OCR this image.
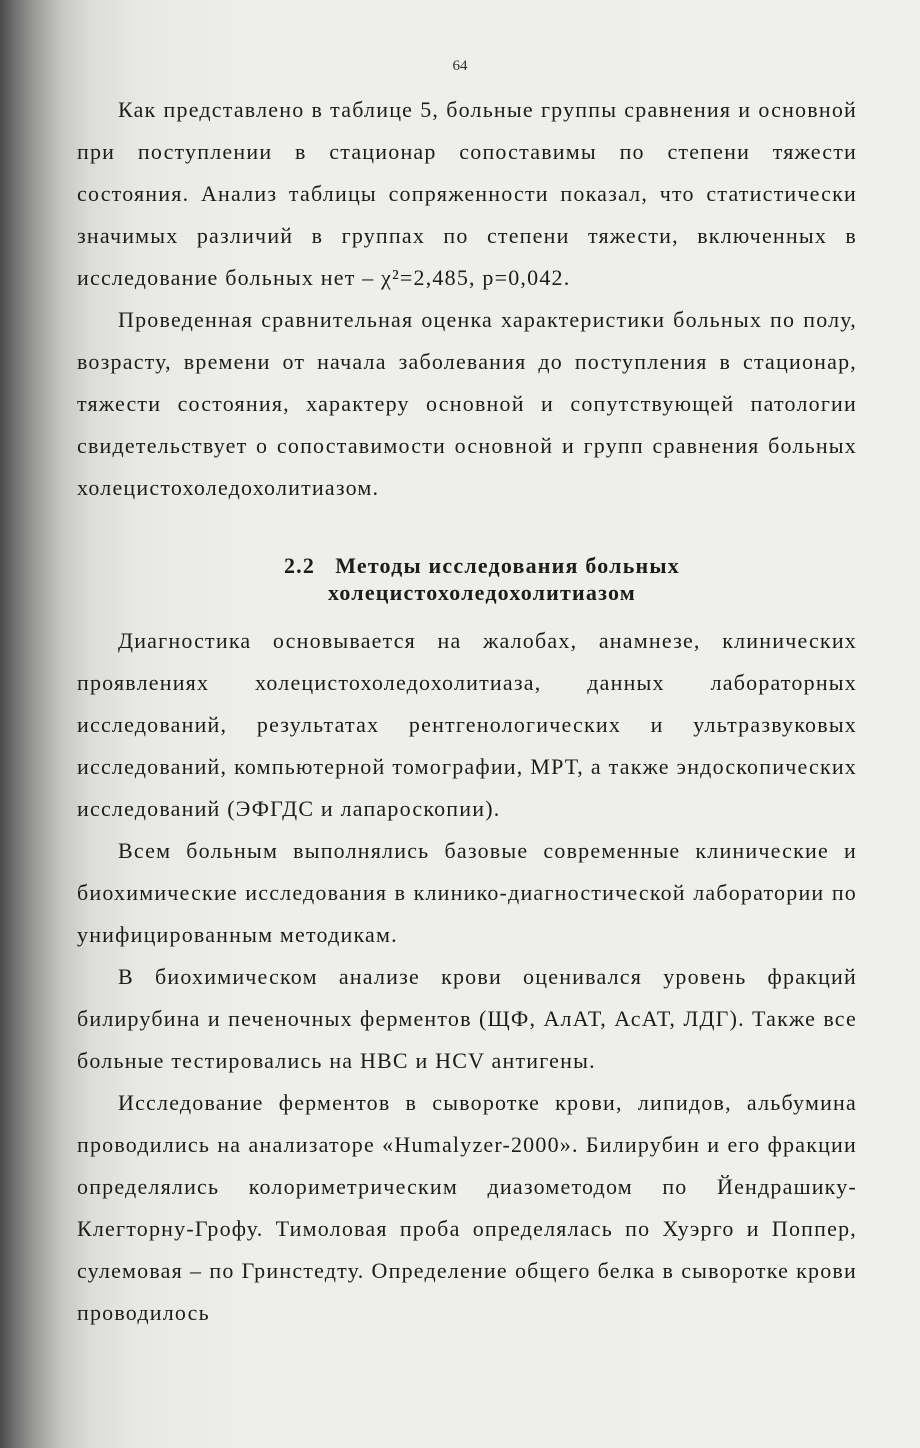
64

Как представлено в таблице 5, больные группы сравнения и основной при поступлении в стационар сопоставимы по степени тяжести состояния. Анализ таблицы сопряженности показал, что статистически значимых различий в группах по степени тяжести, включенных в исследование больных нет – χ²=2,485, p=0,042.

Проведенная сравнительная оценка характеристики больных по полу, возрасту, времени от начала заболевания до поступления в стационар, тяжести состояния, характеру основной и сопутствующей патологии свидетельствует о сопоставимости основной и групп сравнения больных холецистохоледохолитиазом.

2.2 Методы исследования больных
холецистохоледохолитиазом

Диагностика основывается на жалобах, анамнезе, клинических проявлениях холецистохоледохолитиаза, данных лабораторных исследований, результатах рентгенологических и ультразвуковых исследований, компьютерной томографии, МРТ, а также эндоскопических исследований (ЭФГДС и лапароскопии).

Всем больным выполнялись базовые современные клинические и биохимические исследования в клинико-диагностической лаборатории по унифицированным методикам.

В биохимическом анализе крови оценивался уровень фракций билирубина и печеночных ферментов (ЩФ, АлАТ, АсАТ, ЛДГ). Также все больные тестировались на HBC и HCV антигены.

Исследование ферментов в сыворотке крови, липидов, альбумина проводились на анализаторе «Humalyzer-2000». Билирубин и его фракции определялись колориметрическим диазометодом по Йендрашику-Клегторну-Грофу. Тимоловая проба определялась по Хуэрго и Поппер, сулемовая – по Гринстедту. Определение общего белка в сыворотке крови проводилось
